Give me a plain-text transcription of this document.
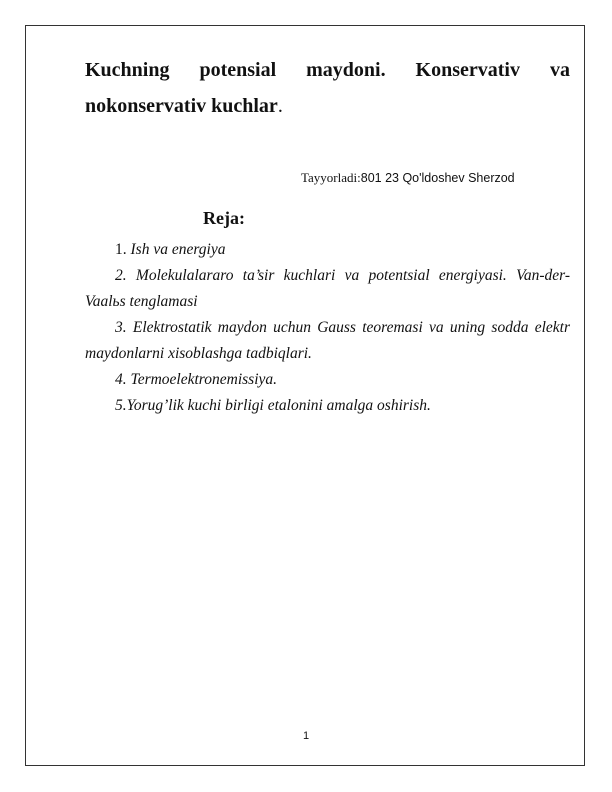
Kuchning potensial maydoni. Konservativ va
nokonservativ kuchlar.
Tayyorladi:801 23 Qo'ldoshev Sherzod
Reja:
1. Ish va energiya
2. Molekulalararo ta’sir kuchlari va potentsial energiyasi. Van-der-Vaalьs tenglamasi
3. Elektrostatik maydon uchun Gauss teoremasi va uning sodda elektr maydonlarni xisoblashga tadbiqlari.
4. Termoelektronemissiya.
5.Yorug’lik kuchi birligi etalonini amalga oshirish.
1
